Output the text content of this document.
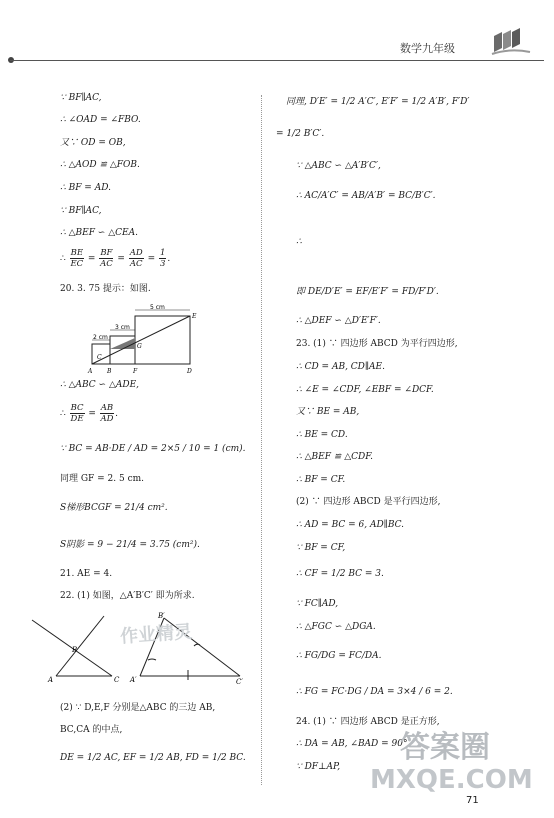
数学九年级
∵ BF∥AC,
∴ ∠OAD = ∠FBO.
又∵ OD = OB,
∴ △AOD ≌ △FOB.
∴ BF = AD.
∵ BF∥AC,
∴ △BEF ∽ △CEA.
∴ $\frac{BE}{EC} = \frac{BF}{AC} = \frac{AD}{AC} = \frac{1}{3}$ .
20. 3. 75 提示：如图.
5 cm
3 cm
2 cm
A B	F	D
C
G
E
∴ △ABC ∽ △ADE,
∴ $\frac{BC}{DE} = \frac{AB}{AD}$ .
∵ BC = AB·DE / AD = 2×5 / 10 = 1 (cm).
同理 GF = 2. 5 cm.
S梯形BCGF = 21/4 cm².
S阴影 = 9 − 21/4 = 3.75 (cm²).
21. AE = 4.
22. (1) 如图，△A′B′C′ 即为所求.
A
B
C A′
B′
C′
(2) ∵ D,E,F 分别是△ABC 的三边 AB,
BC,CA 的中点,
DE = 1/2 AC, EF = 1/2 AB, FD = 1/2 BC.
同理, D′E′ = 1/2 A′C′, E′F′ = 1/2 A′B′, F′D′
= 1/2 B′C′.
∵ △ABC ∽ △A′B′C′,
∴ AC/A′C′ = AB/A′B′ = BC/B′C′.
∴
即 DE/D′E′ = EF/E′F′ = FD/F′D′.
∴ △DEF ∽ △D′E′F′.
23. (1) ∵ 四边形 ABCD 为平行四边形,
∴ CD = AB, CD∥AE.
∴ ∠E = ∠CDF, ∠EBF = ∠DCF.
又∵ BE = AB,
∴ BE = CD.
∴ △BEF ≌ △CDF.
∴ BF = CF.
(2) ∵ 四边形 ABCD 是平行四边形,
∴ AD = BC = 6, AD∥BC.
∵ BF = CF,
∴ CF = 1/2 BC = 3.
∵ FC∥AD,
∴ △FGC ∽ △DGA.
∴ FG/DG = FC/DA.
∴ FG = FC·DG / DA = 3×4 / 6 = 2.
24. (1) ∵ 四边形 ABCD 是正方形,
∴ DA = AB, ∠BAD = 90°.
∵ DF⊥AP,
作业精灵
答案圈
MXQE.COM
71
